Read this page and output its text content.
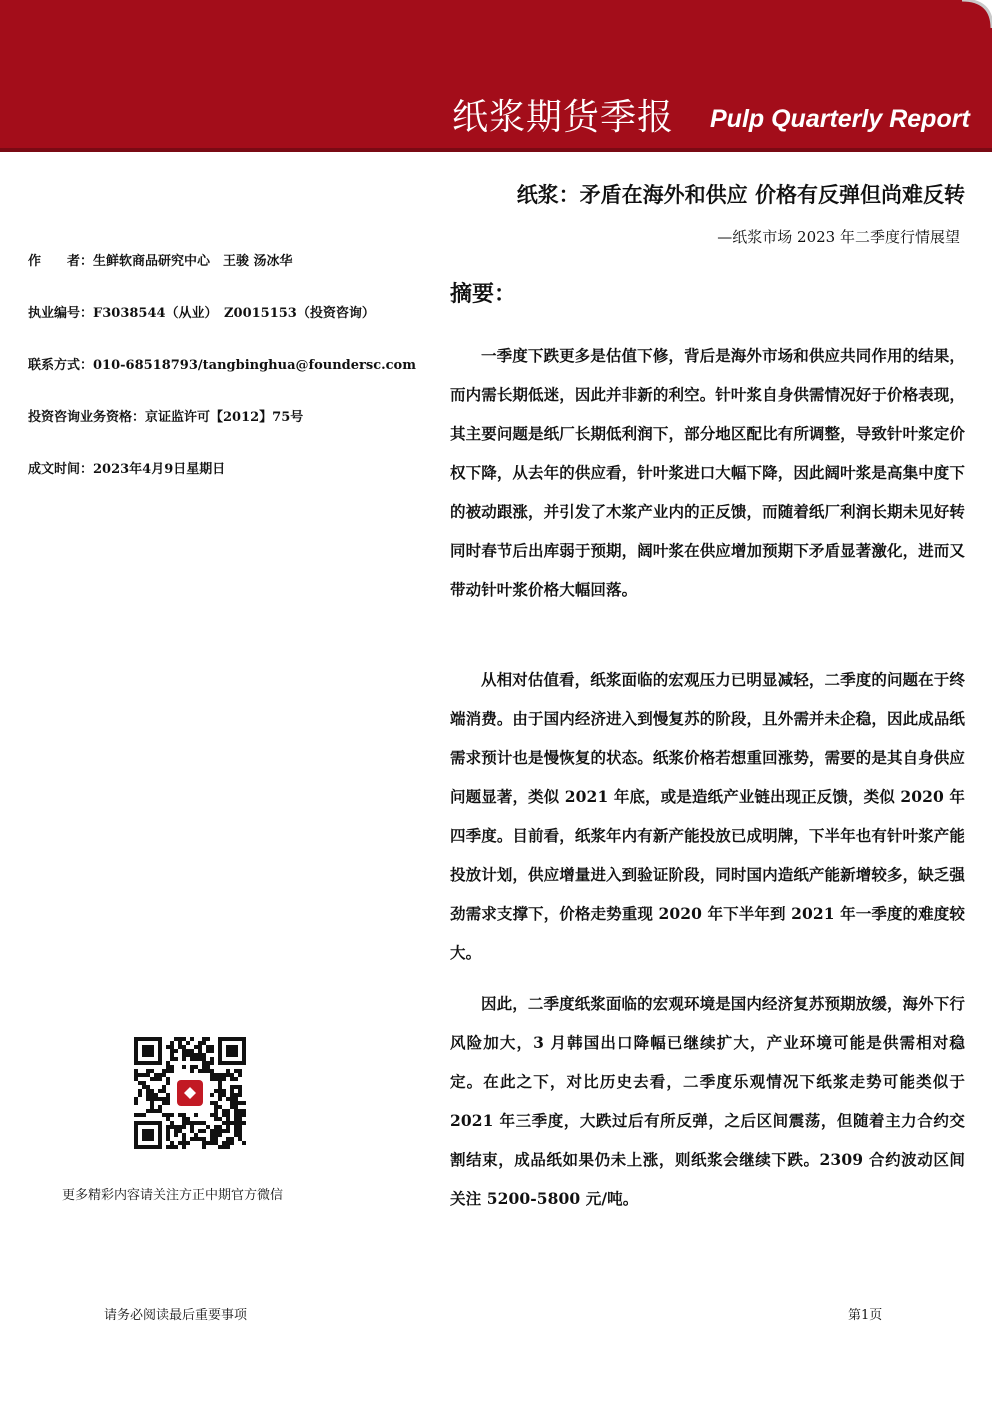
纸浆期货季报	Pulp Quarterly Report
纸浆：矛盾在海外和供应 价格有反弹但尚难反转
—纸浆市场 2023 年二季度行情展望
作　　者：生鲜软商品研究中心　王骏 汤冰华
执业编号：F3038544（从业）　Z0015153（投资咨询）
联系方式：010-68518793/tangbinghua@foundersc.com
投资咨询业务资格：京证监许可【2012】75号
成文时间：2023年4月9日星期日
摘要：
一季度下跌更多是估值下修，背后是海外市场和供应共同作用的结果，而内需长期低迷，因此并非新的利空。针叶浆自身供需情况好于价格表现，其主要问题是纸厂长期低利润下，部分地区配比有所调整，导致针叶浆定价权下降，从去年的供应看，针叶浆进口大幅下降，因此阔叶浆是高集中度下的被动跟涨，并引发了木浆产业内的正反馈，而随着纸厂利润长期未见好转同时春节后出库弱于预期，阔叶浆在供应增加预期下矛盾显著激化，进而又带动针叶浆价格大幅回落。
从相对估值看，纸浆面临的宏观压力已明显减轻，二季度的问题在于终端消费。由于国内经济进入到慢复苏的阶段，且外需并未企稳，因此成品纸需求预计也是慢恢复的状态。纸浆价格若想重回涨势，需要的是其自身供应问题显著，类似 2021 年底，或是造纸产业链出现正反馈，类似 2020 年四季度。目前看，纸浆年内有新产能投放已成明牌，下半年也有针叶浆产能投放计划，供应增量进入到验证阶段，同时国内造纸产能新增较多，缺乏强劲需求支撑下，价格走势重现 2020 年下半年到 2021 年一季度的难度较大。
因此，二季度纸浆面临的宏观环境是国内经济复苏预期放缓，海外下行风险加大，3 月韩国出口降幅已继续扩大，产业环境可能是供需相对稳定。在此之下，对比历史去看，二季度乐观情况下纸浆走势可能类似于 2021 年三季度，大跌过后有所反弹，之后区间震荡，但随着主力合约交割结束，成品纸如果仍未上涨，则纸浆会继续下跌。2309 合约波动区间关注 5200-5800 元/吨。
更多精彩内容请关注方正中期官方微信
请务必阅读最后重要事项	第1页
